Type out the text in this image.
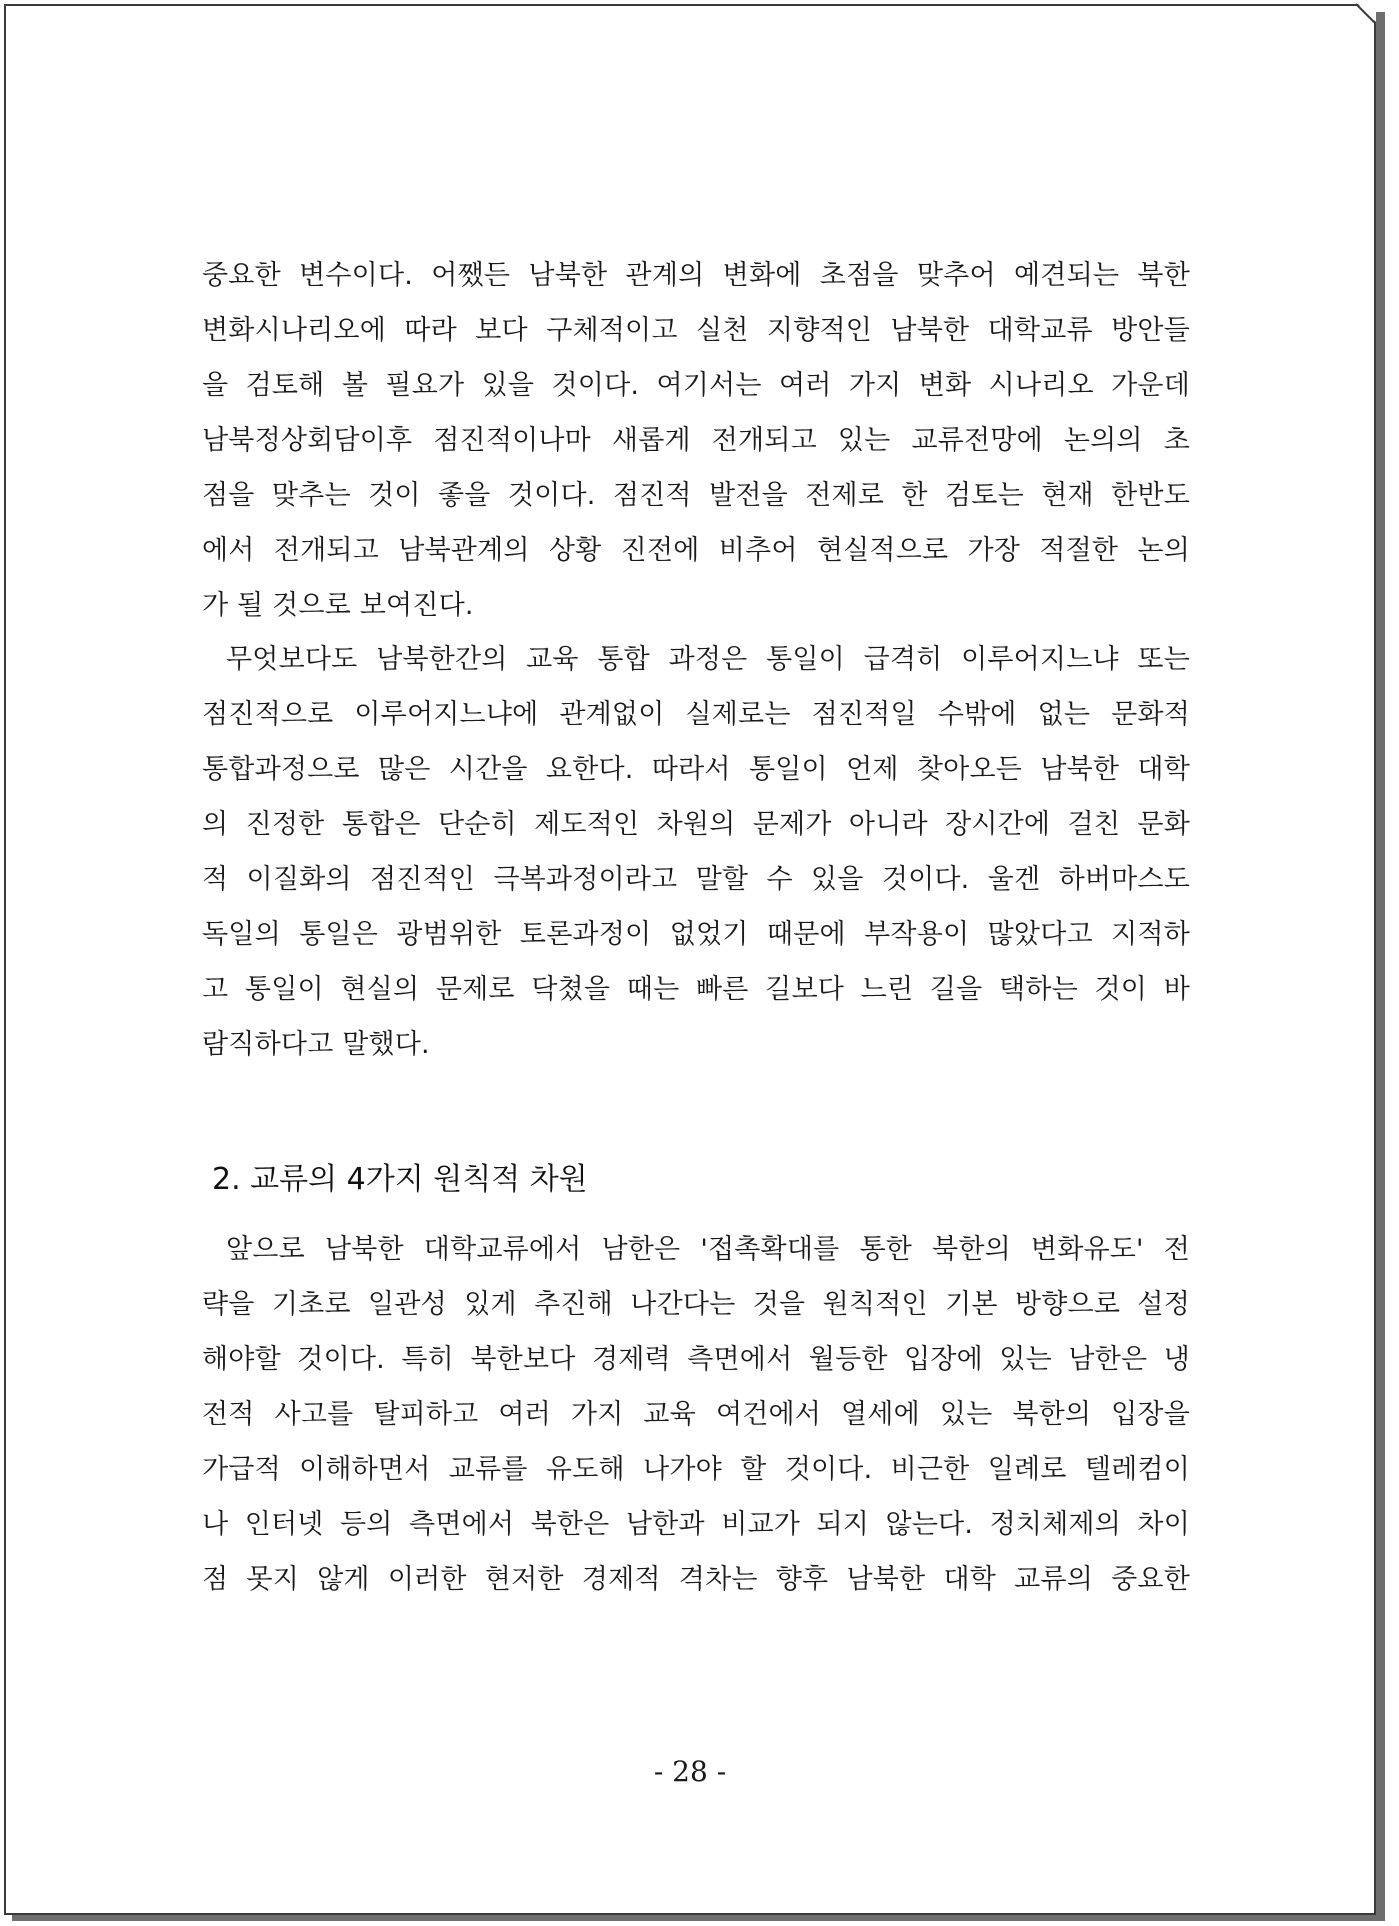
중요한 변수이다. 어쨌든 남북한 관계의 변화에 초점을 맞추어 예견되는 북한
변화시나리오에 따라 보다 구체적이고 실천 지향적인 남북한 대학교류 방안들
을 검토해 볼 필요가 있을 것이다. 여기서는 여러 가지 변화 시나리오 가운데
남북정상회담이후 점진적이나마 새롭게 전개되고 있는 교류전망에 논의의 초
점을 맞추는 것이 좋을 것이다. 점진적 발전을 전제로 한 검토는 현재 한반도
에서 전개되고 남북관계의 상황 진전에 비추어 현실적으로 가장 적절한 논의
가 될 것으로 보여진다.
무엇보다도 남북한간의 교육 통합 과정은 통일이 급격히 이루어지느냐 또는
점진적으로 이루어지느냐에 관계없이 실제로는 점진적일 수밖에 없는 문화적
통합과정으로 많은 시간을 요한다. 따라서 통일이 언제 찾아오든 남북한 대학
의 진정한 통합은 단순히 제도적인 차원의 문제가 아니라 장시간에 걸친 문화
적 이질화의 점진적인 극복과정이라고 말할 수 있을 것이다. 울겐 하버마스도
독일의 통일은 광범위한 토론과정이 없었기 때문에 부작용이 많았다고 지적하
고 통일이 현실의 문제로 닥쳤을 때는 빠른 길보다 느린 길을 택하는 것이 바
람직하다고 말했다.
2. 교류의 4가지 원칙적 차원
앞으로 남북한 대학교류에서 남한은 '접촉확대를 통한 북한의 변화유도' 전
략을 기초로 일관성 있게 추진해 나간다는 것을 원칙적인 기본 방향으로 설정
해야할 것이다. 특히 북한보다 경제력 측면에서 월등한 입장에 있는 남한은 냉
전적 사고를 탈피하고 여러 가지 교육 여건에서 열세에 있는 북한의 입장을
가급적 이해하면서 교류를 유도해 나가야 할 것이다. 비근한 일례로 텔레컴이
나 인터넷 등의 측면에서 북한은 남한과 비교가 되지 않는다. 정치체제의 차이
점 못지 않게 이러한 현저한 경제적 격차는 향후 남북한 대학 교류의 중요한
- 28 -
